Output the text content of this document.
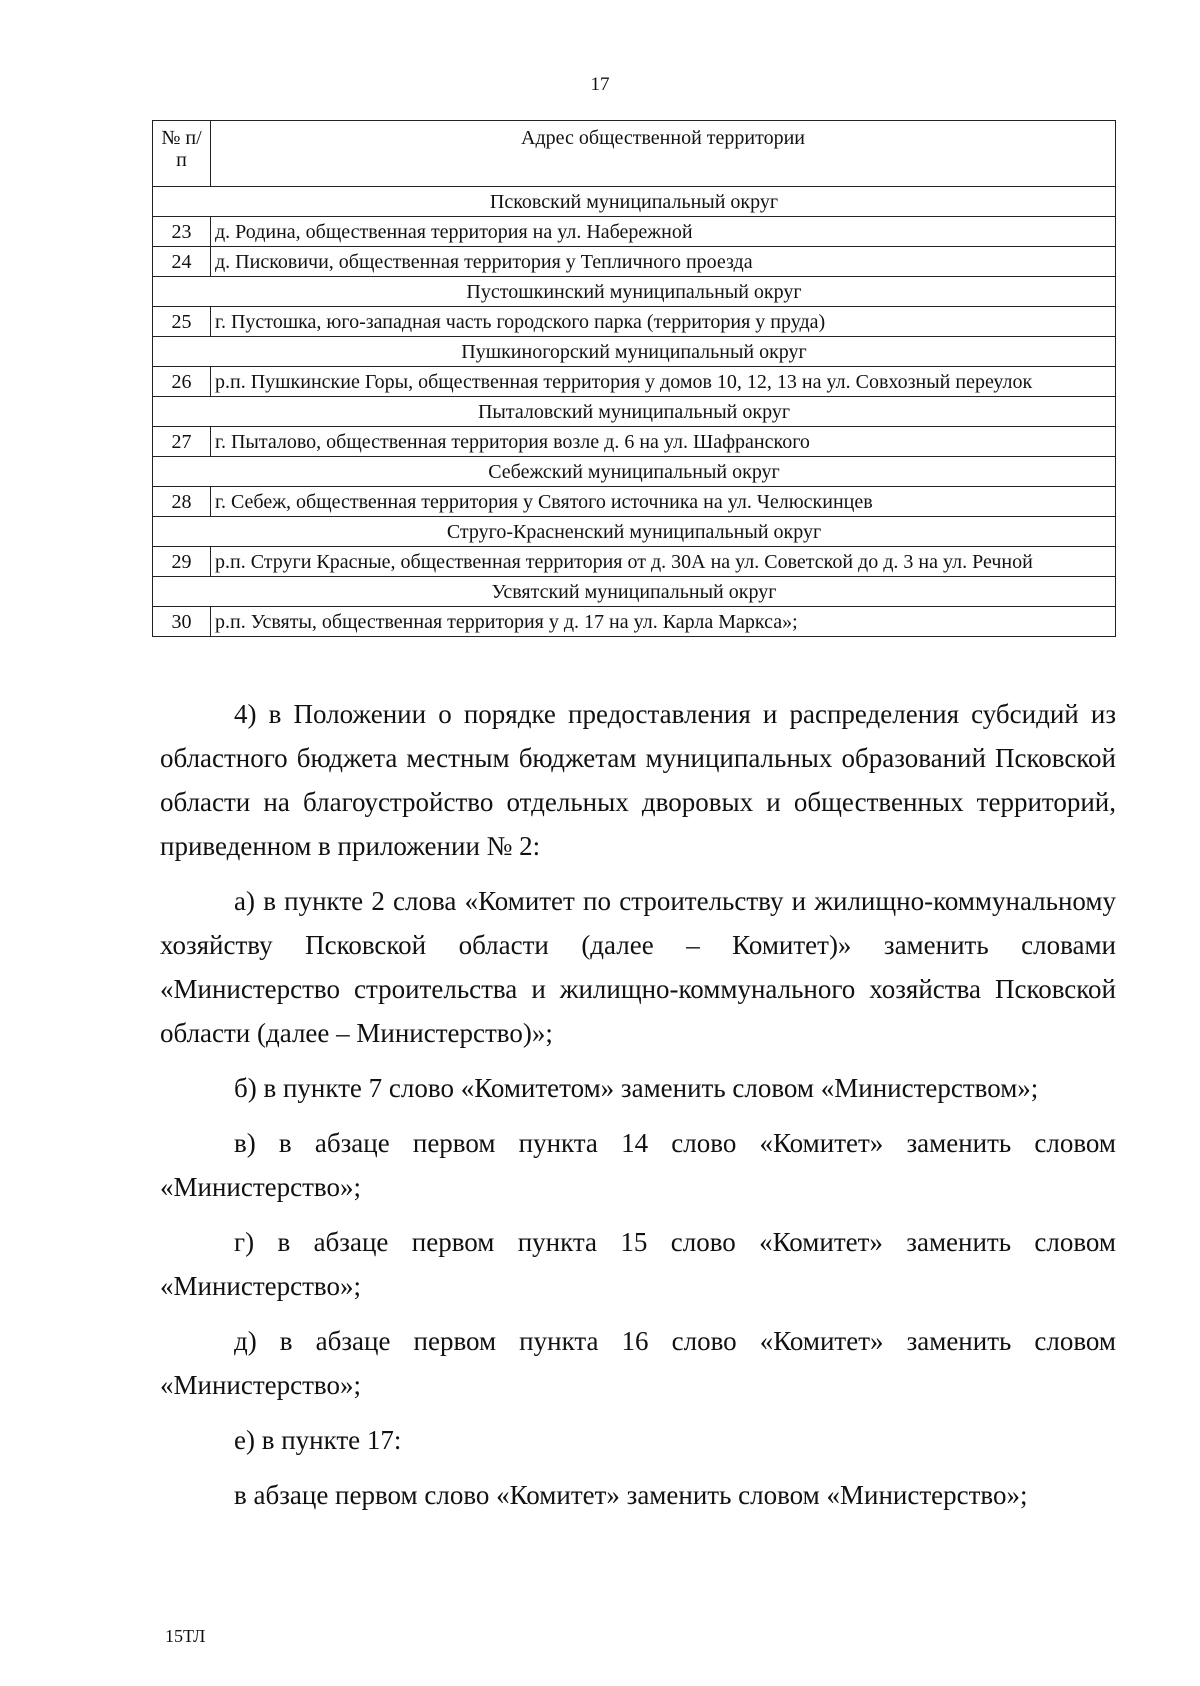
17
№ п/п	Адрес общественной территории
Псковский муниципальный округ	
23	д. Родина, общественная территория на ул. Набережной
24	д. Писковичи, общественная территория у Тепличного проезда
Пустошкинский муниципальный округ	
25	г. Пустошка, юго-западная часть городского парка (территория у пруда)
Пушкиногорский муниципальный округ	
26	р.п. Пушкинские Горы, общественная территория у домов 10, 12, 13 на ул. Совхозный переулок
Пыталовский муниципальный округ	
27	г. Пыталово, общественная территория возле д. 6 на ул. Шафранского
Себежский муниципальный округ	
28	г. Себеж, общественная территория у Святого источника на ул. Челюскинцев
Струго-Красненский муниципальный округ	
29	р.п. Струги Красные, общественная территория от д. 30А на ул. Советской до д. 3 на ул. Речной
Усвятский муниципальный округ	
30	р.п. Усвяты, общественная территория у д. 17 на ул. Карла Маркса»;

4) в Положении о порядке предоставления и распределения субсидий из областного бюджета местным бюджетам муниципальных образований Псковской области на благоустройство отдельных дворовых и общественных территорий, приведенном в приложении № 2:

а) в пункте 2 слова «Комитет по строительству и жилищно-коммунальному хозяйству Псковской области (далее – Комитет)» заменить словами «Министерство строительства и жилищно-коммунального хозяйства Псковской области (далее – Министерство)»;

б) в пункте 7 слово «Комитетом» заменить словом «Министерством»;

в) в абзаце первом пункта 14 слово «Комитет» заменить словом «Министерство»;

г) в абзаце первом пункта 15 слово «Комитет» заменить словом «Министерство»;

д) в абзаце первом пункта 16 слово «Комитет» заменить словом «Министерство»;

е) в пункте 17:

в абзаце первом слово «Комитет» заменить словом «Министерство»;

15ТЛ
